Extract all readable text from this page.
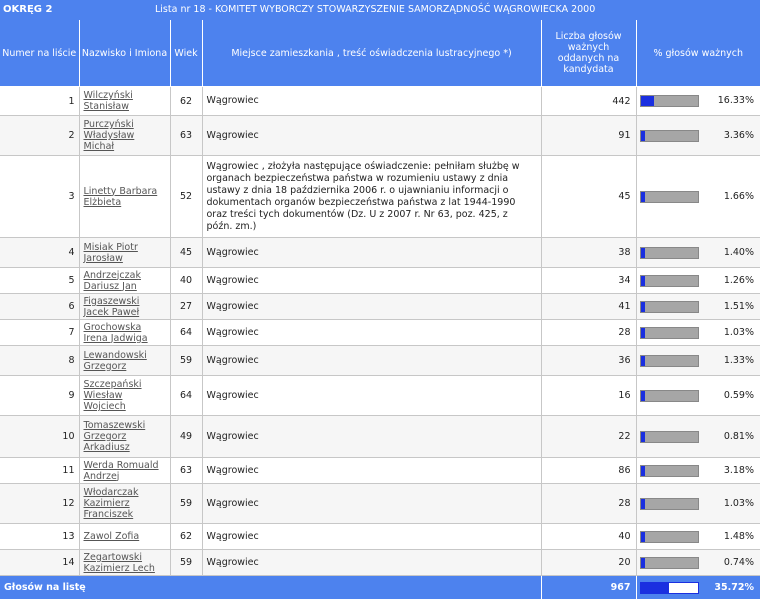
OKRĘG 2	Lista nr 18 - KOMITET WYBORCZY STOWARZYSZENIE SAMORZĄDNOŚĆ WĄGROWIECKA 2000
Numer na liście	Nazwisko i Imiona	Wiek	Miejsce zamieszkania , treść oświadczenia lustracyjnego *)	Liczba głosów ważnych oddanych na kandydata	% głosów ważnych
1	Wilczyński Stanisław	62	Wągrowiec	442	16.33%

2	Purczyński Władysław Michał	63	Wągrowiec	91	3.36%

3	Linetty Barbara Elżbieta	52	Wągrowiec , złożyła następujące oświadczenie: pełniłam służbę w organach bezpieczeństwa państwa w rozumieniu ustawy z dnia ustawy z dnia 18 października 2006 r. o ujawnianiu informacji o dokumentach organów bezpieczeństwa państwa z lat 1944-1990 oraz treści tych dokumentów (Dz. U z 2007 r. Nr 63, poz. 425, z późn. zm.)	45	1.66%

4	Misiak Piotr Jarosław	45	Wągrowiec	38	1.40%

5	Andrzejczak Dariusz Jan	40	Wągrowiec	34	1.26%

6	Figaszewski Jacek Paweł	27	Wągrowiec	41	1.51%

7	Grochowska Irena Jadwiga	64	Wągrowiec	28	1.03%

8	Lewandowski Grzegorz	59	Wągrowiec	36	1.33%

9	Szczepański Wiesław Wojciech	64	Wągrowiec	16	0.59%

10	Tomaszewski Grzegorz Arkadiusz	49	Wągrowiec	22	0.81%

11	Werda Romuald Andrzej	63	Wągrowiec	86	3.18%

12	Włodarczak Kazimierz Franciszek	59	Wągrowiec	28	1.03%

13	Zawol Zofia	62	Wągrowiec	40	1.48%

14	Zegartowski Kazimierz Lech	59	Wągrowiec	20	0.74%

Głosów na listę				967	35.72%
